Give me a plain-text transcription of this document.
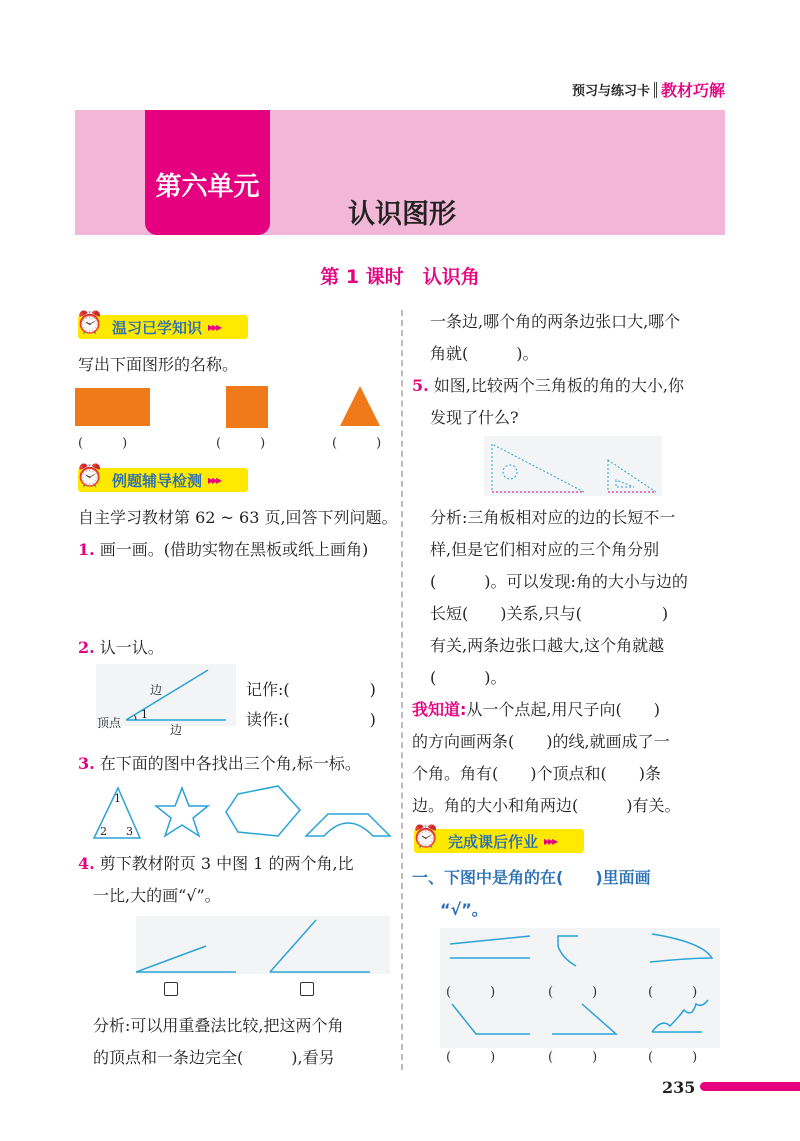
预习与练习卡 教材巧解
第六单元
认识图形
第 1 课时　认识角
⏰ 温习已学知识 ▸▸▸
写出下面图形的名称。
(　　　)	(　　　)	(　　　)
⏰ 例题辅导检测 ▸▸▸
自主学习教材第 62 ~ 63 页,回答下列问题。
1. 画一画。(借助实物在黑板或纸上画角)
2. 认一认。
边
边
顶点
1
记作:(　　　　　)
读作:(　　　　　)
3. 在下面的图中各找出三个角,标一标。
1
2 3
4. 剪下教材附页 3 中图 1 的两个角,比
一比,大的画“√”。
分析:可以用重叠法比较,把这两个角
的顶点和一条边完全(　　　),看另
一条边,哪个角的两条边张口大,哪个
角就(　　　)。
5. 如图,比较两个三角板的角的大小,你
发现了什么?
分析:三角板相对应的边的长短不一
样,但是它们相对应的三个角分别
(　　　)。可以发现:角的大小与边的
长短(　　)关系,只与(　　　　　)
有关,两条边张口越大,这个角就越
(　　　)。
我知道:从一个点起,用尺子向(　　)
的方向画两条(　　)的线,就画成了一
个角。角有(　　)个顶点和(　　)条
边。角的大小和角两边(　　　)有关。
⏰ 完成课后作业 ▸▸▸
一、下图中是角的在(　　)里面画
“√”。
(　　　)	(　　　)	(　　　)
(　　　)	(　　　)	(　　　)
235
